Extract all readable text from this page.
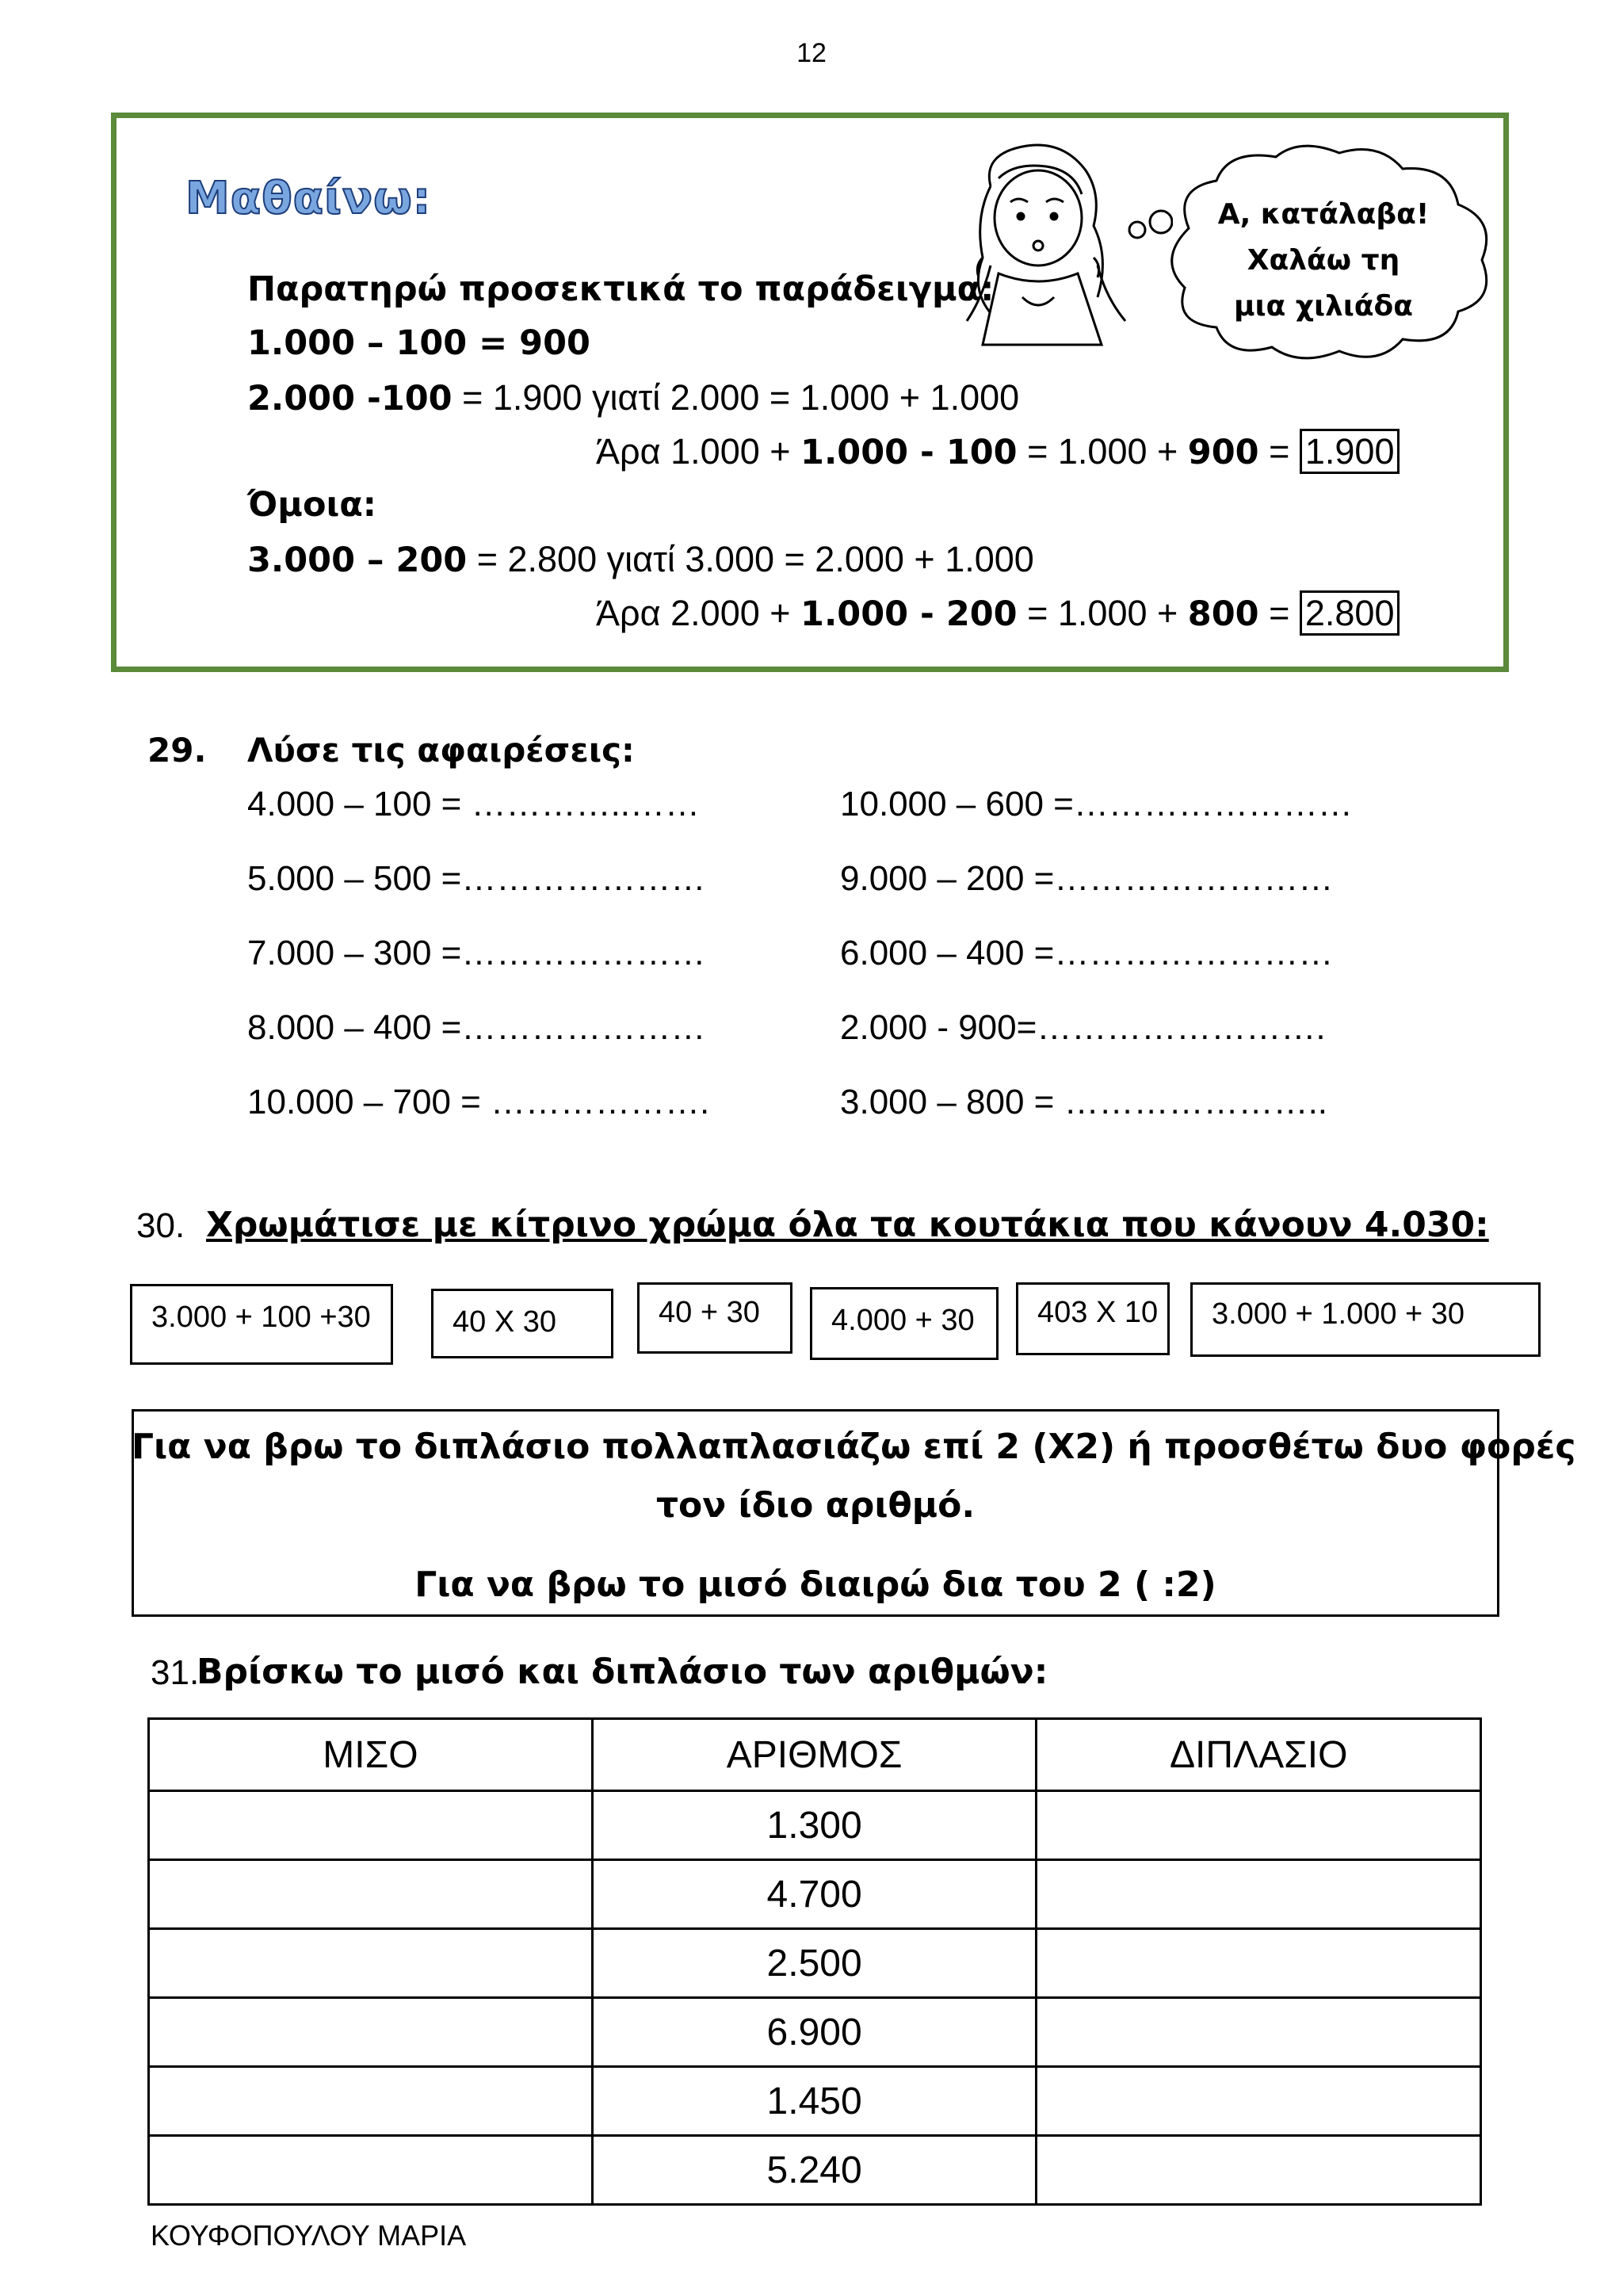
12
Μαθαίνω:
Παρατηρώ προσεκτικά το παράδειγμα:
1.000 – 100 = 900
2.000 -100 = 1.900 γιατί 2.000 = 1.000 + 1.000
Άρα 1.000 + 1.000 - 100 = 1.000 + 900 = 1.900
Όμοια:
3.000 – 200 = 2.800 γιατί 3.000 = 2.000 + 1.000
Άρα 2.000 + 1.000 - 200 = 1.000 + 800 = 2.800
Α, κατάλαβα!
Χαλάω τη
μια χιλιάδα
29. Λύσε τις αφαιρέσεις:
4.000 – 100 = …………..……
5.000 – 500 =…………………
7.000 – 300 =…………………
8.000 – 400 =…………………
10.000 – 700 = ……………….
10.000 – 600 =……………………
9.000 – 200 =……………………
6.000 – 400 =……………………
2.000 - 900=…………………….
3.000 – 800 = …………………..
30. Χρωμάτισε με κίτρινο χρώμα όλα τα κουτάκια που κάνουν 4.030:
3.000 + 100 +30	40 X 30	40 + 30	4.000 + 30	403 X 10	3.000 + 1.000 + 30
Για να βρω το διπλάσιο πολλαπλασιάζω επί 2 (Χ2) ή προσθέτω δυο φορές
τον ίδιο αριθμό.
Για να βρω το μισό διαιρώ δια του 2 ( :2)
31.
Βρίσκω το μισό και διπλάσιο των αριθμών:
ΜΙΣΟ	ΑΡΙΘΜΟΣ	ΔΙΠΛΑΣΙΟ
	1.300	
	4.700	
	2.500	
	6.900	
	1.450	
	5.240	
ΚΟΥΦΟΠΟΥΛΟΥ ΜΑΡΙΑ
